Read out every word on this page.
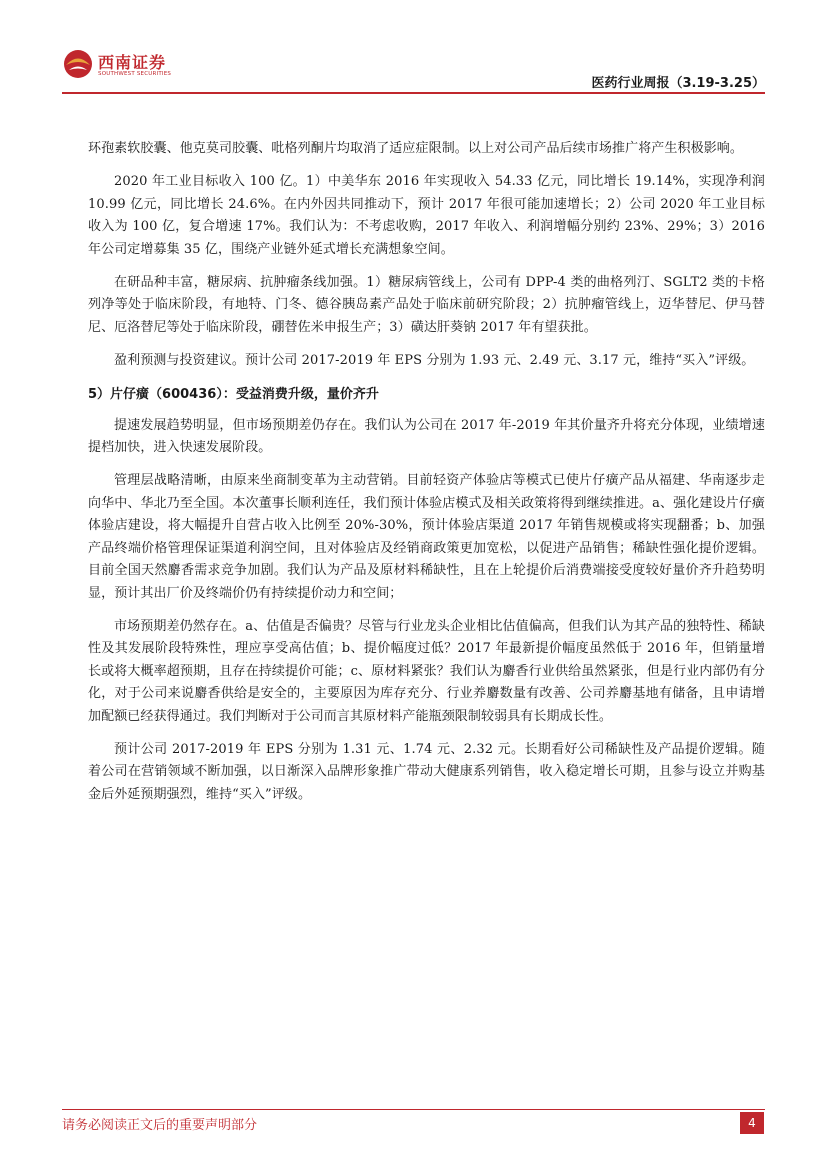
西南证券
SOUTHWEST SECURITIES
医药行业周报（3.19-3.25）

环孢素软胶囊、他克莫司胶囊、吡格列酮片均取消了适应症限制。以上对公司产品后续市场推广将产生积极影响。

2020 年工业目标收入 100 亿。1）中美华东 2016 年实现收入 54.33 亿元，同比增长 19.14%，实现净利润 10.99 亿元，同比增长 24.6%。在内外因共同推动下，预计 2017 年很可能加速增长；2）公司 2020 年工业目标收入为 100 亿，复合增速 17%。我们认为：不考虑收购，2017 年收入、利润增幅分别约 23%、29%；3）2016 年公司定增募集 35 亿，围绕产业链外延式增长充满想象空间。

在研品种丰富，糖尿病、抗肿瘤条线加强。1）糖尿病管线上，公司有 DPP-4 类的曲格列汀、SGLT2 类的卡格列净等处于临床阶段，有地特、门冬、德谷胰岛素产品处于临床前研究阶段；2）抗肿瘤管线上，迈华替尼、伊马替尼、厄洛替尼等处于临床阶段，硼替佐米申报生产；3）磺达肝葵钠 2017 年有望获批。

盈利预测与投资建议。预计公司 2017-2019 年 EPS 分别为 1.93 元、2.49 元、3.17 元，维持“买入”评级。

5）片仔癀（600436）：受益消费升级，量价齐升

提速发展趋势明显，但市场预期差仍存在。我们认为公司在 2017 年-2019 年其价量齐升将充分体现，业绩增速提档加快，进入快速发展阶段。

管理层战略清晰，由原来坐商制变革为主动营销。目前轻资产体验店等模式已使片仔癀产品从福建、华南逐步走向华中、华北乃至全国。本次董事长顺利连任，我们预计体验店模式及相关政策将得到继续推进。a、强化建设片仔癀体验店建设，将大幅提升自营占收入比例至 20%-30%，预计体验店渠道 2017 年销售规模或将实现翻番；b、加强产品终端价格管理保证渠道利润空间，且对体验店及经销商政策更加宽松，以促进产品销售；稀缺性强化提价逻辑。目前全国天然麝香需求竞争加剧。我们认为产品及原材料稀缺性，且在上轮提价后消费端接受度较好量价齐升趋势明显，预计其出厂价及终端价仍有持续提价动力和空间；

市场预期差仍然存在。a、估值是否偏贵？尽管与行业龙头企业相比估值偏高，但我们认为其产品的独特性、稀缺性及其发展阶段特殊性，理应享受高估值；b、提价幅度过低？2017 年最新提价幅度虽然低于 2016 年，但销量增长或将大概率超预期，且存在持续提价可能；c、原材料紧张？我们认为麝香行业供给虽然紧张，但是行业内部仍有分化，对于公司来说麝香供给是安全的，主要原因为库存充分、行业养麝数量有改善、公司养麝基地有储备，且申请增加配额已经获得通过。我们判断对于公司而言其原材料产能瓶颈限制较弱具有长期成长性。

预计公司 2017-2019 年 EPS 分别为 1.31 元、1.74 元、2.32 元。长期看好公司稀缺性及产品提价逻辑。随着公司在营销领域不断加强，以日渐深入品牌形象推广带动大健康系列销售，收入稳定增长可期，且参与设立并购基金后外延预期强烈，维持“买入”评级。

请务必阅读正文后的重要声明部分	4
